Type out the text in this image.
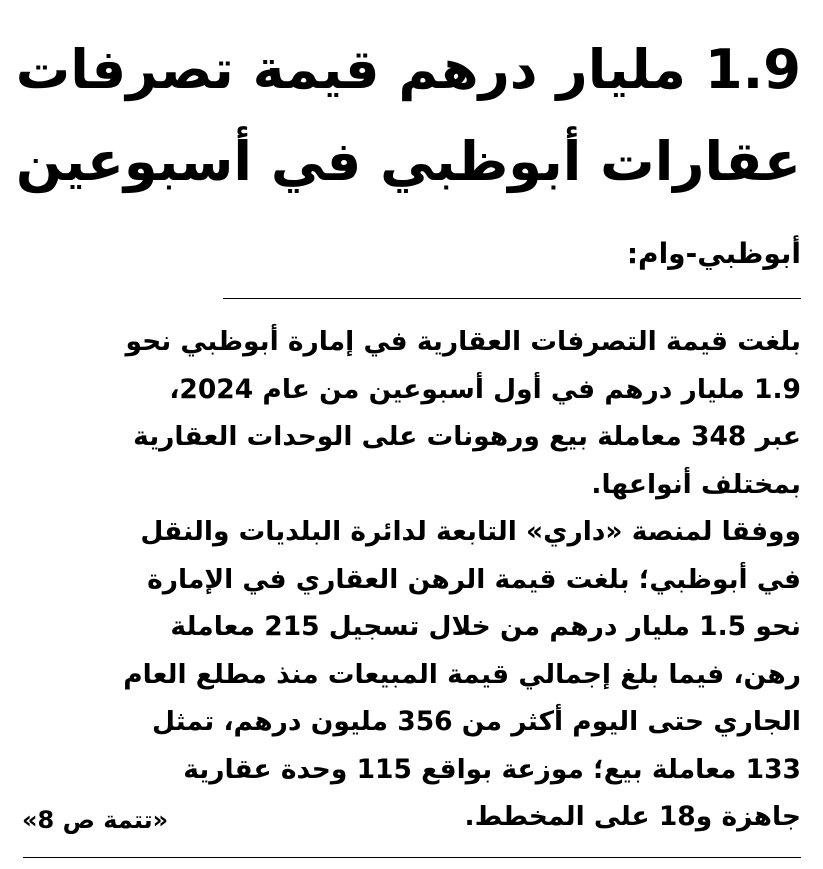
1.9 مليار درهم قيمة تصرفات
عقارات أبوظبي في أسبوعين
أبوظبي-وام:
بلغت قيمة التصرفات العقارية في إمارة أبوظبي نحو
1.9 مليار درهم في أول أسبوعين من عام 2024،
عبر 348 معاملة بيع ورهونات على الوحدات العقارية
بمختلف أنواعها.
ووفقا لمنصة «داري» التابعة لدائرة البلديات والنقل
في أبوظبي؛ بلغت قيمة الرهن العقاري في الإمارة
نحو 1.5 مليار درهم من خلال تسجيل 215 معاملة
رهن، فيما بلغ إجمالي قيمة المبيعات منذ مطلع العام
الجاري حتى اليوم أكثر من 356 مليون درهم، تمثل
133 معاملة بيع؛ موزعة بواقع 115 وحدة عقارية
جاهزة و18 على المخطط.
«تتمة ص 8»
